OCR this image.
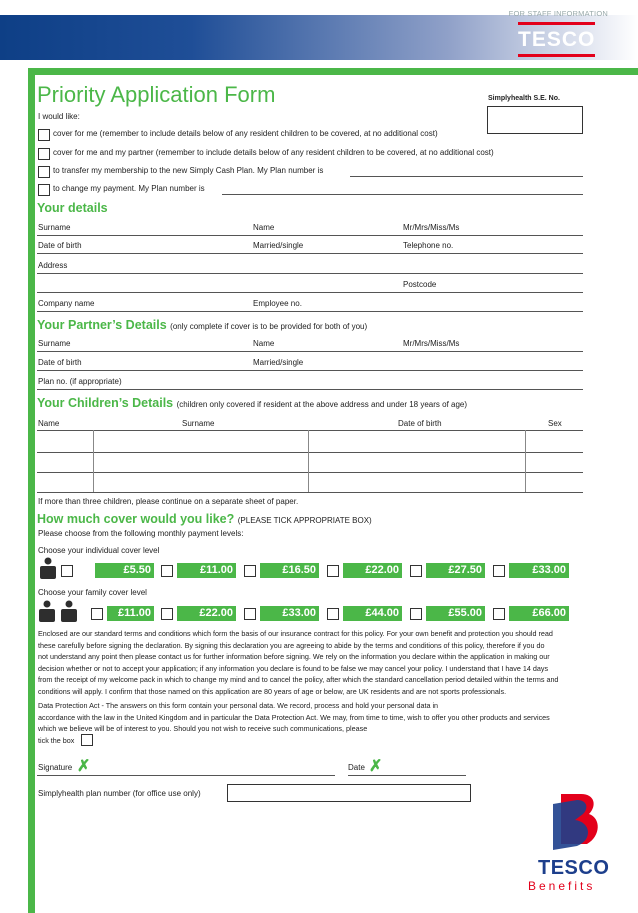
FOR STAFF INFORMATION
TESCO
Priority Application Form	Simplyhealth S.E. No.
I would like:
cover for me (remember to include details below of any resident children to be covered, at no additional cost)
cover for me and my partner (remember to include details below of any resident children to be covered, at no additional cost)
to transfer my membership to the new Simply Cash Plan. My Plan number is
to change my payment. My Plan number is
Your details
Surname	Name	Mr/Mrs/Miss/Ms
Date of birth	Married/single	Telephone no.
Address
Postcode
Company name	Employee no.
Your Partner’s Details (only complete if cover is to be provided for both of you)
Surname	Name	Mr/Mrs/Miss/Ms
Date of birth	Married/single
Plan no. (if appropriate)
Your Children’s Details (children only covered if resident at the above address and under 18 years of age)
Name	Surname	Date of birth	Sex
If more than three children, please continue on a separate sheet of paper.
How much cover would you like? (PLEASE TICK APPROPRIATE BOX)
Please choose from the following monthly payment levels:
Choose your individual cover level
£5.50	£11.00	£16.50	£22.00	£27.50	£33.00
Choose your family cover level
£11.00	£22.00	£33.00	£44.00	£55.00	£66.00
Enclosed are our standard terms and conditions which form the basis of our insurance contract for this policy. For your own benefit and protection you should read
these carefully before signing the declaration. By signing this declaration you are agreeing to abide by the terms and conditions of this policy, therefore if you do
not understand any point then please contact us for further information before signing. We rely on the information you declare within the application in making our
decision whether or not to accept your application; if any information you declare is found to be false we may cancel your policy. I understand that I have 14 days
from the receipt of my welcome pack in which to change my mind and to cancel the policy, after which the standard cancellation period detailed within the terms and
conditions will apply. I confirm that those named on this application are 80 years of age or below, are UK residents and are not sports professionals.
Data Protection Act - The answers on this form contain your personal data. We record, process and hold your personal data in
accordance with the law in the United Kingdom and in particular the Data Protection Act. We may, from time to time, wish to offer you other products and services
which we believe will be of interest to you. Should you not wish to receive such communications, please
tick the box
Signature ✗	Date ✗
Simplyhealth plan number (for office use only)
TESCO
Benefits
